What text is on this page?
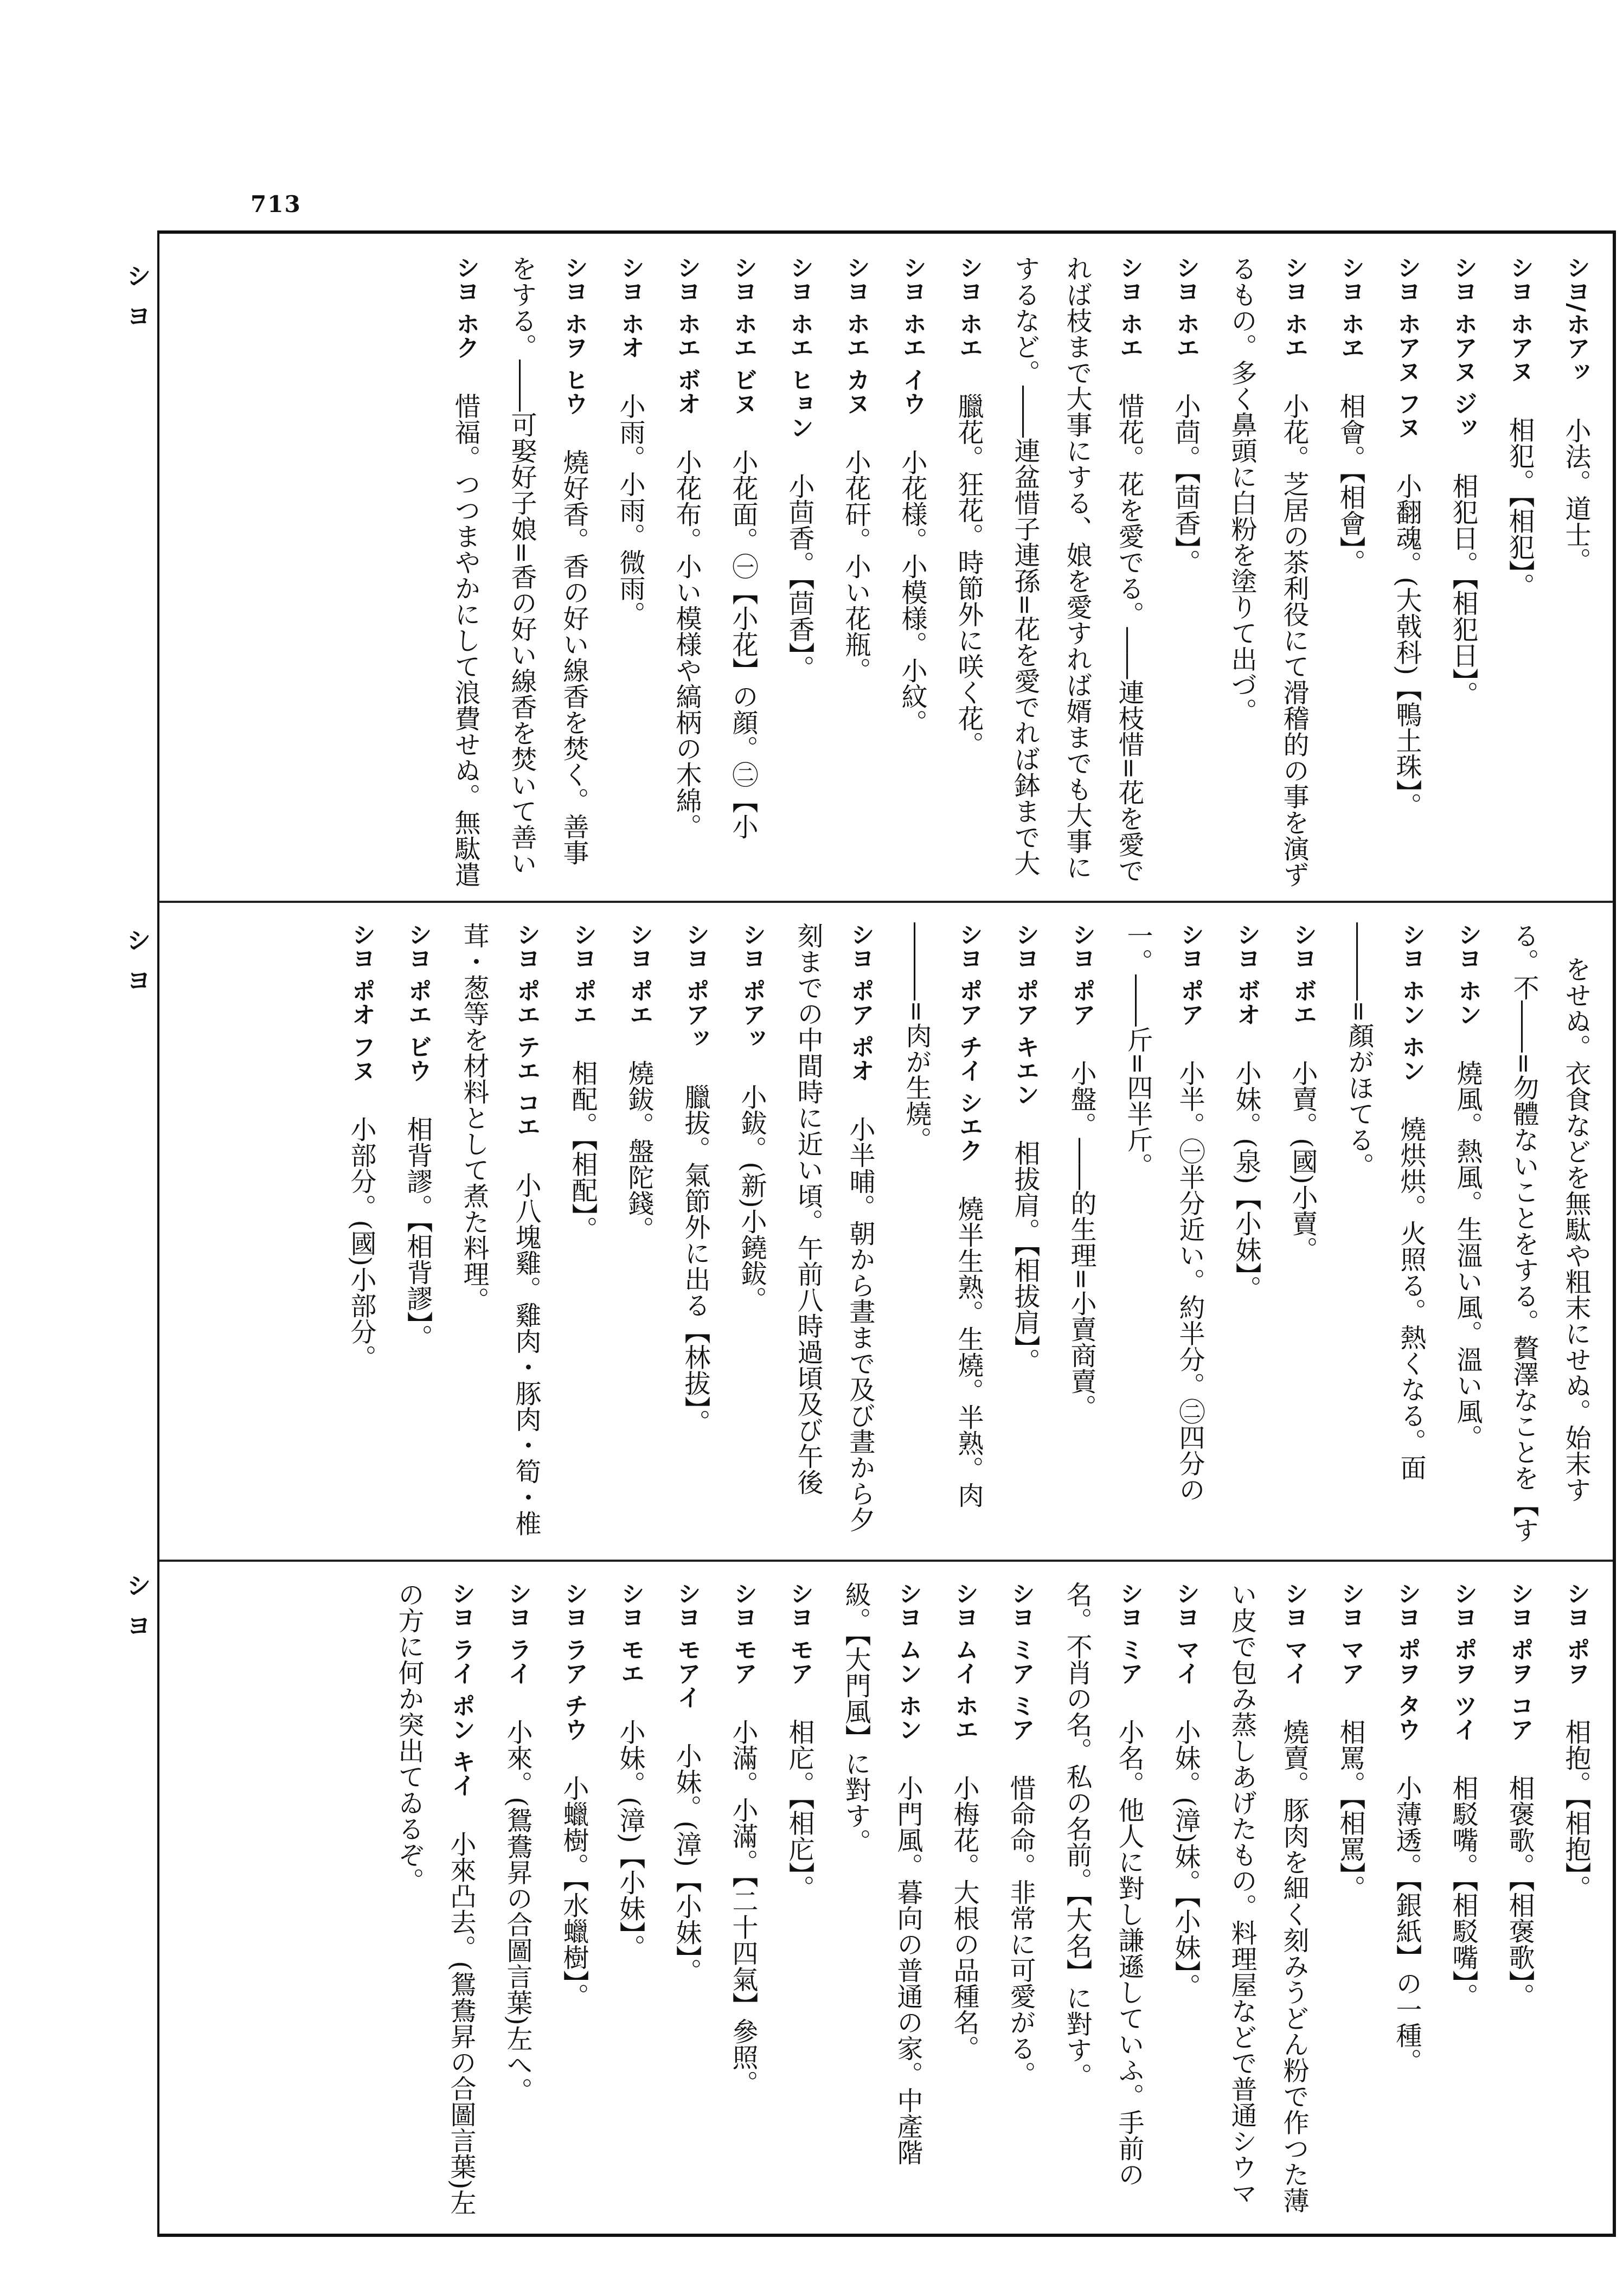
713
シヨ
シヨ
シヨ
シヨ/ホアッ　小法。道士。
シヨ ホアヌ　相犯。【相犯】。
シヨ ホアヌ ジッ　相犯日。【相犯日】。
シヨ ホアヌ フヌ　小翻魂。(大戟科)【鴨土珠】。
シヨ ホヱ　相會。【相會】。
シヨ ホエ　小花。芝居の茶利役にて滑稽的の事を演ずるもの。多く鼻頭に白粉を塗りて出づ。
シヨ ホエ　小茴。【茴香】。
シヨ ホエ　惜花。花を愛でる。――連枝惜=花を愛でれば枝まで大事にする、娘を愛すれば婿までも大事にするなど。――連盆惜子連孫=花を愛でれば鉢まで大
シヨ ホエ　臘花。狂花。時節外に咲く花。
シヨ ホエ イウ　小花様。小模様。小紋。
シヨ ホエ カヌ　小花矸。小い花瓶。
シヨ ホエ ヒョン　小茴香。【茴香】。
シヨ ホエ ビヌ　小花面。㊀【小花】の顔。㊁【小
シヨ ホエ ボオ　小花布。小い模様や縞柄の木綿。
シヨ ホオ　小雨。小雨。微雨。
シヨ ホヲ ヒウ　燒好香。香の好い線香を焚く。善事をする。――可娶好子娘=香の好い線香を焚いて善い
シヨ ホク　惜福。つつまやかにして浪費せぬ。無駄遣
　をせぬ。衣食などを無駄や粗末にせぬ。始末する。不――=勿體ないことをする。贅澤なことを【す
シヨ ホン　燒風。熱風。生溫い風。溫い風。
シヨ ホン ホン　燒烘烘。火照る。熱くなる。面―――=顏がほてる。
シヨ ボエ　小賣。(國)小賣。
シヨ ボオ　小妹。(泉)【小妹】。
シヨ ポア　小半。㊀半分近い。約半分。㊁四分の一。――斤=四半斤。
シヨ ポア　小盤。――的生理=小賣商賣。
シヨ ポア キエン　相拔肩。【相拔肩】。
シヨ ポア チイ シエク　燒半生熟。生燒。半熟。肉―――=肉が生燒。
シヨ ポア ポオ　小半晡。朝から晝まで及び晝から夕刻までの中間時に近い頃。午前八時過頃及び午後
シヨ ポアッ　小鈸。(新)小鐃鈸。
シヨ ポアッ　臘拔。氣節外に出る【林拔】。
シヨ ポエ　燒鈸。盤陀錢。
シヨ ポエ　相配。【相配】。
シヨ ポエ テエ コエ　小八塊雞。雞肉・豚肉・筍・椎茸・葱等を材料として煮た料理。
シヨ ポエ ビウ　相背謬。【相背謬】。
シヨ ポオ フヌ　小部分。(國)小部分。
シヨ ポヲ　相抱。【相抱】。
シヨ ポヲ コア　相褒歌。【相褒歌】。
シヨ ポヲ ツイ　相駁嘴。【相駁嘴】。
シヨ ポヲ タウ　小薄透。【銀紙】の一種。
シヨ マア　相罵。【相罵】。
シヨ マイ　燒賣。豚肉を細く刻みうどん粉で作つた薄い皮で包み蒸しあげたもの。料理屋などで普通シウマ
シヨ マイ　小妹。(漳)妹。【小妹】。
シヨ ミア　小名。他人に對し謙遜していふ。手前の名。不肖の名。私の名前。【大名】に對す。
シヨ ミア ミア　惜命命。非常に可愛がる。
シヨ ムイ ホエ　小梅花。大根の品種名。
シヨ ムン ホン　小門風。暮向の普通の家。中產階級。【大門風】に對す。
シヨ モア　相庀。【相庀】。
シヨ モア　小滿。小滿。【二十四氣】參照。
シヨ モアイ　小妹。(漳)【小妹】。
シヨ モエ　小妹。(漳)【小妹】。
シヨ ラア チウ　小蠟樹。【水蠟樹】。
シヨ ライ　小來。(鴛鴦昇の合圖言葉)左へ。
シヨ ライ ポン キイ　小來凸去。(鴛鴦昇の合圖言葉)左の方に何か突出てゐるぞ。
